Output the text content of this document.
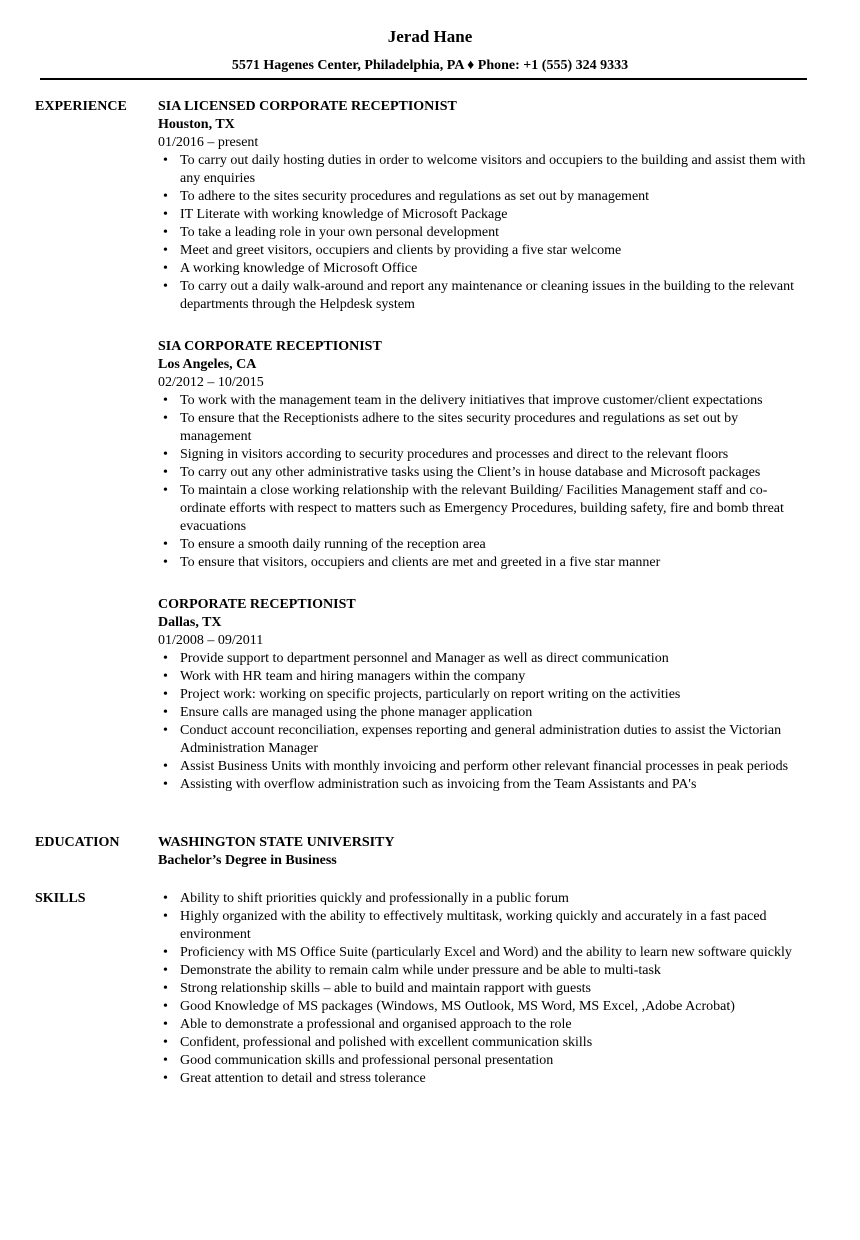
Jerad Hane
5571 Hagenes Center, Philadelphia, PA ♦ Phone: +1 (555) 324 9333
EXPERIENCE SIA LICENSED CORPORATE RECEPTIONIST
Houston, TX
01/2016 – present
• To carry out daily hosting duties in order to welcome visitors and occupiers to the building and assist them with any enquiries
• To adhere to the sites security procedures and regulations as set out by management
• IT Literate with working knowledge of Microsoft Package
• To take a leading role in your own personal development
• Meet and greet visitors, occupiers and clients by providing a five star welcome
• A working knowledge of Microsoft Office
• To carry out a daily walk-around and report any maintenance or cleaning issues in the building to the relevant departments through the Helpdesk system
SIA CORPORATE RECEPTIONIST
Los Angeles, CA
02/2012 – 10/2015
• To work with the management team in the delivery initiatives that improve customer/client expectations
• To ensure that the Receptionists adhere to the sites security procedures and regulations as set out by management
• Signing in visitors according to security procedures and processes and direct to the relevant floors
• To carry out any other administrative tasks using the Client’s in house database and Microsoft packages
• To maintain a close working relationship with the relevant Building/ Facilities Management staff and co-ordinate efforts with respect to matters such as Emergency Procedures, building safety, fire and bomb threat evacuations
• To ensure a smooth daily running of the reception area
• To ensure that visitors, occupiers and clients are met and greeted in a five star manner
CORPORATE RECEPTIONIST
Dallas, TX
01/2008 – 09/2011
• Provide support to department personnel and Manager as well as direct communication
• Work with HR team and hiring managers within the company
• Project work: working on specific projects, particularly on report writing on the activities
• Ensure calls are managed using the phone manager application
• Conduct account reconciliation, expenses reporting and general administration duties to assist the Victorian Administration Manager
• Assist Business Units with monthly invoicing and perform other relevant financial processes in peak periods
• Assisting with overflow administration such as invoicing from the Team Assistants and PA's
EDUCATION	WASHINGTON STATE UNIVERSITY
Bachelor’s Degree in Business
SKILLS
•	Ability to shift priorities quickly and professionally in a public forum
• Highly organized with the ability to effectively multitask, working quickly and accurately in a fast paced environment
• Proficiency with MS Office Suite (particularly Excel and Word) and the ability to learn new software quickly
• Demonstrate the ability to remain calm while under pressure and be able to multi-task
• Strong relationship skills – able to build and maintain rapport with guests
• Good Knowledge of MS packages (Windows, MS Outlook, MS Word, MS Excel, ,Adobe Acrobat)
• Able to demonstrate a professional and organised approach to the role
• Confident, professional and polished with excellent communication skills
• Good communication skills and professional personal presentation
• Great attention to detail and stress tolerance
